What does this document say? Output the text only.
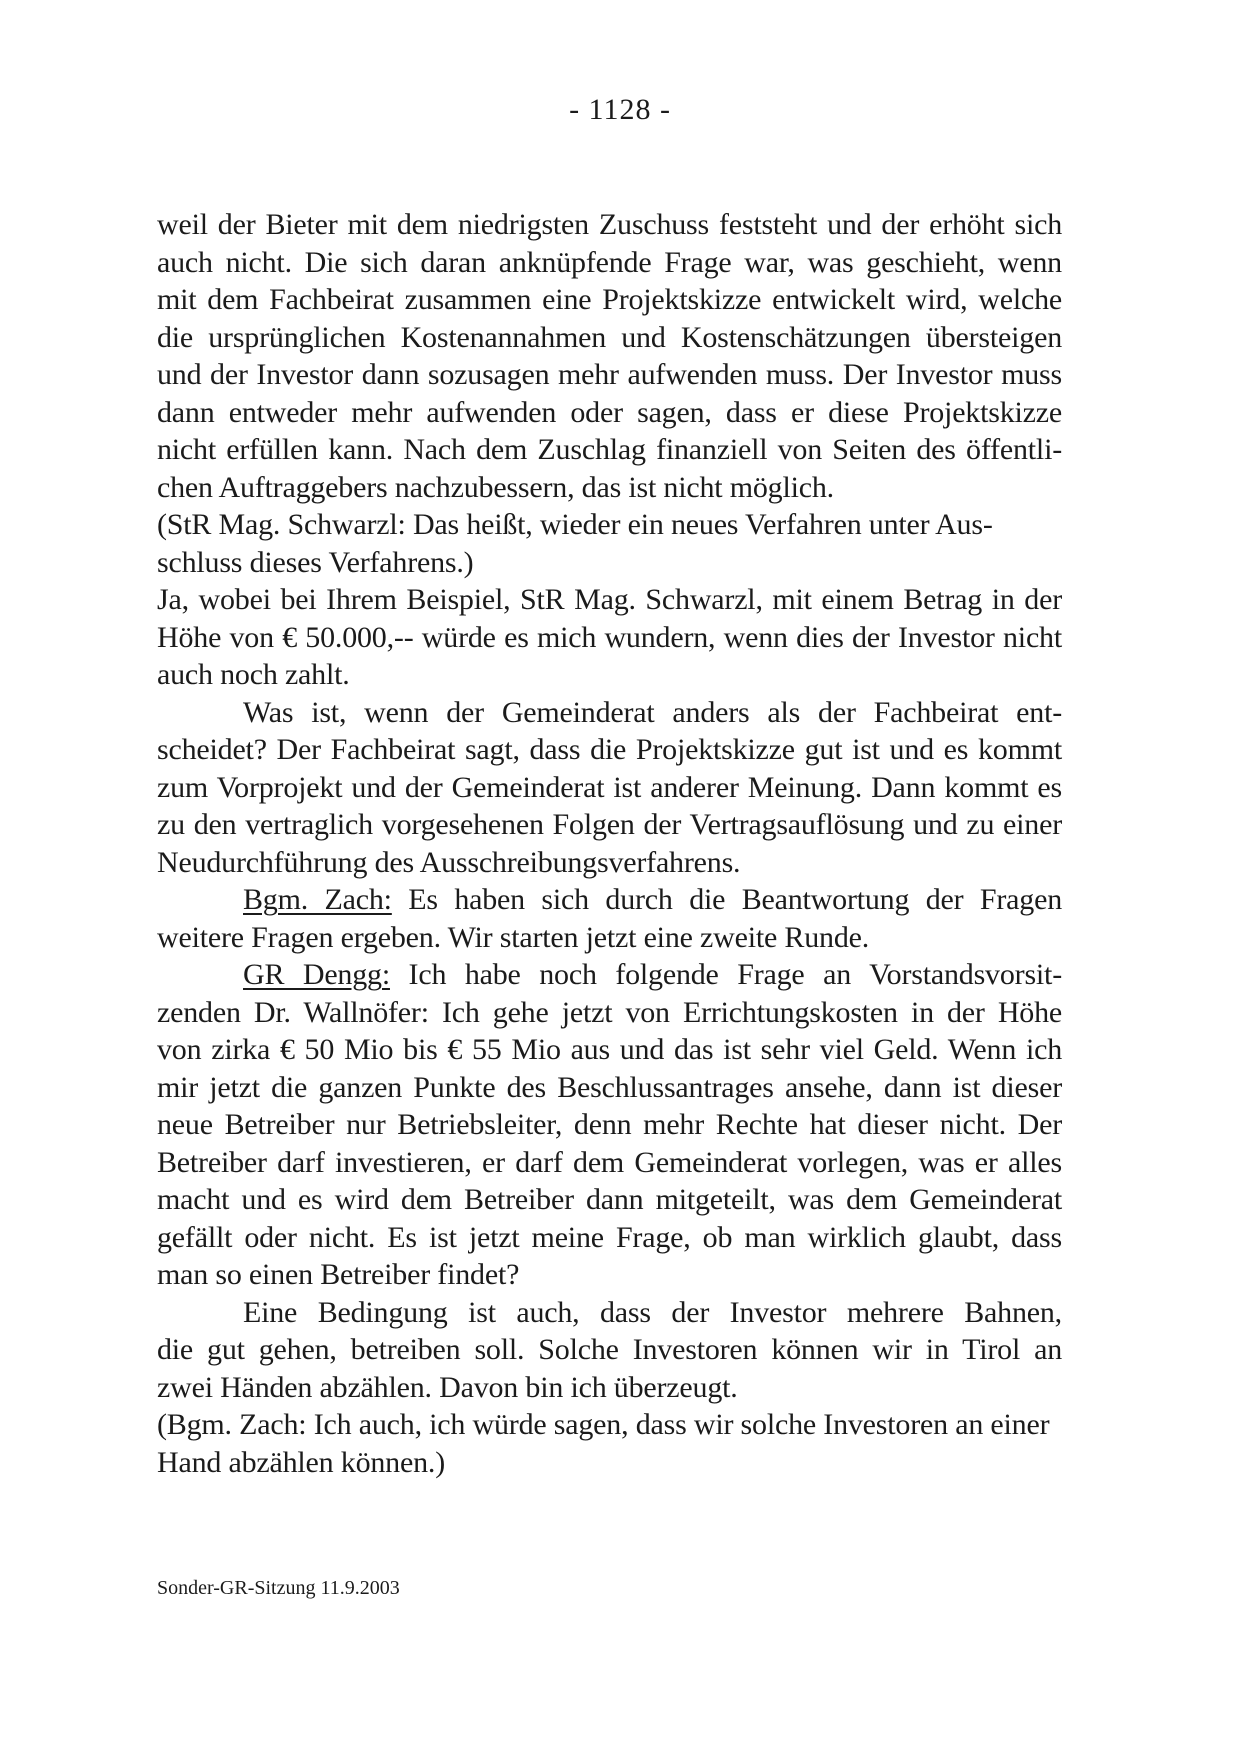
- 1128 -
weil der Bieter mit dem niedrigsten Zuschuss feststeht und der erhöht sich
auch nicht. Die sich daran anknüpfende Frage war, was geschieht, wenn
mit dem Fachbeirat zusammen eine Projektskizze entwickelt wird, welche
die ursprünglichen Kostenannahmen und Kostenschätzungen übersteigen
und der Investor dann sozusagen mehr aufwenden muss. Der Investor muss
dann entweder mehr aufwenden oder sagen, dass er diese Projektskizze
nicht erfüllen kann. Nach dem Zuschlag finanziell von Seiten des öffentli-
chen Auftraggebers nachzubessern, das ist nicht möglich.
(StR Mag. Schwarzl: Das heißt, wieder ein neues Verfahren unter Aus-
schluss dieses Verfahrens.)
Ja, wobei bei Ihrem Beispiel, StR Mag. Schwarzl, mit einem Betrag in der
Höhe von € 50.000,-- würde es mich wundern, wenn dies der Investor nicht
auch noch zahlt.
Was ist, wenn der Gemeinderat anders als der Fachbeirat ent-
scheidet? Der Fachbeirat sagt, dass die Projektskizze gut ist und es kommt
zum Vorprojekt und der Gemeinderat ist anderer Meinung. Dann kommt es
zu den vertraglich vorgesehenen Folgen der Vertragsauflösung und zu einer
Neudurchführung des Ausschreibungsverfahrens.
Bgm. Zach: Es haben sich durch die Beantwortung der Fragen
weitere Fragen ergeben. Wir starten jetzt eine zweite Runde.
GR Dengg: Ich habe noch folgende Frage an Vorstandsvorsit-
zenden Dr. Wallnöfer: Ich gehe jetzt von Errichtungskosten in der Höhe
von zirka € 50 Mio bis € 55 Mio aus und das ist sehr viel Geld. Wenn ich
mir jetzt die ganzen Punkte des Beschlussantrages ansehe, dann ist dieser
neue Betreiber nur Betriebsleiter, denn mehr Rechte hat dieser nicht. Der
Betreiber darf investieren, er darf dem Gemeinderat vorlegen, was er alles
macht und es wird dem Betreiber dann mitgeteilt, was dem Gemeinderat
gefällt oder nicht. Es ist jetzt meine Frage, ob man wirklich glaubt, dass
man so einen Betreiber findet?
Eine Bedingung ist auch, dass der Investor mehrere Bahnen,
die gut gehen, betreiben soll. Solche Investoren können wir in Tirol an
zwei Händen abzählen. Davon bin ich überzeugt.
(Bgm. Zach: Ich auch, ich würde sagen, dass wir solche Investoren an einer
Hand abzählen können.)
Sonder-GR-Sitzung 11.9.2003
